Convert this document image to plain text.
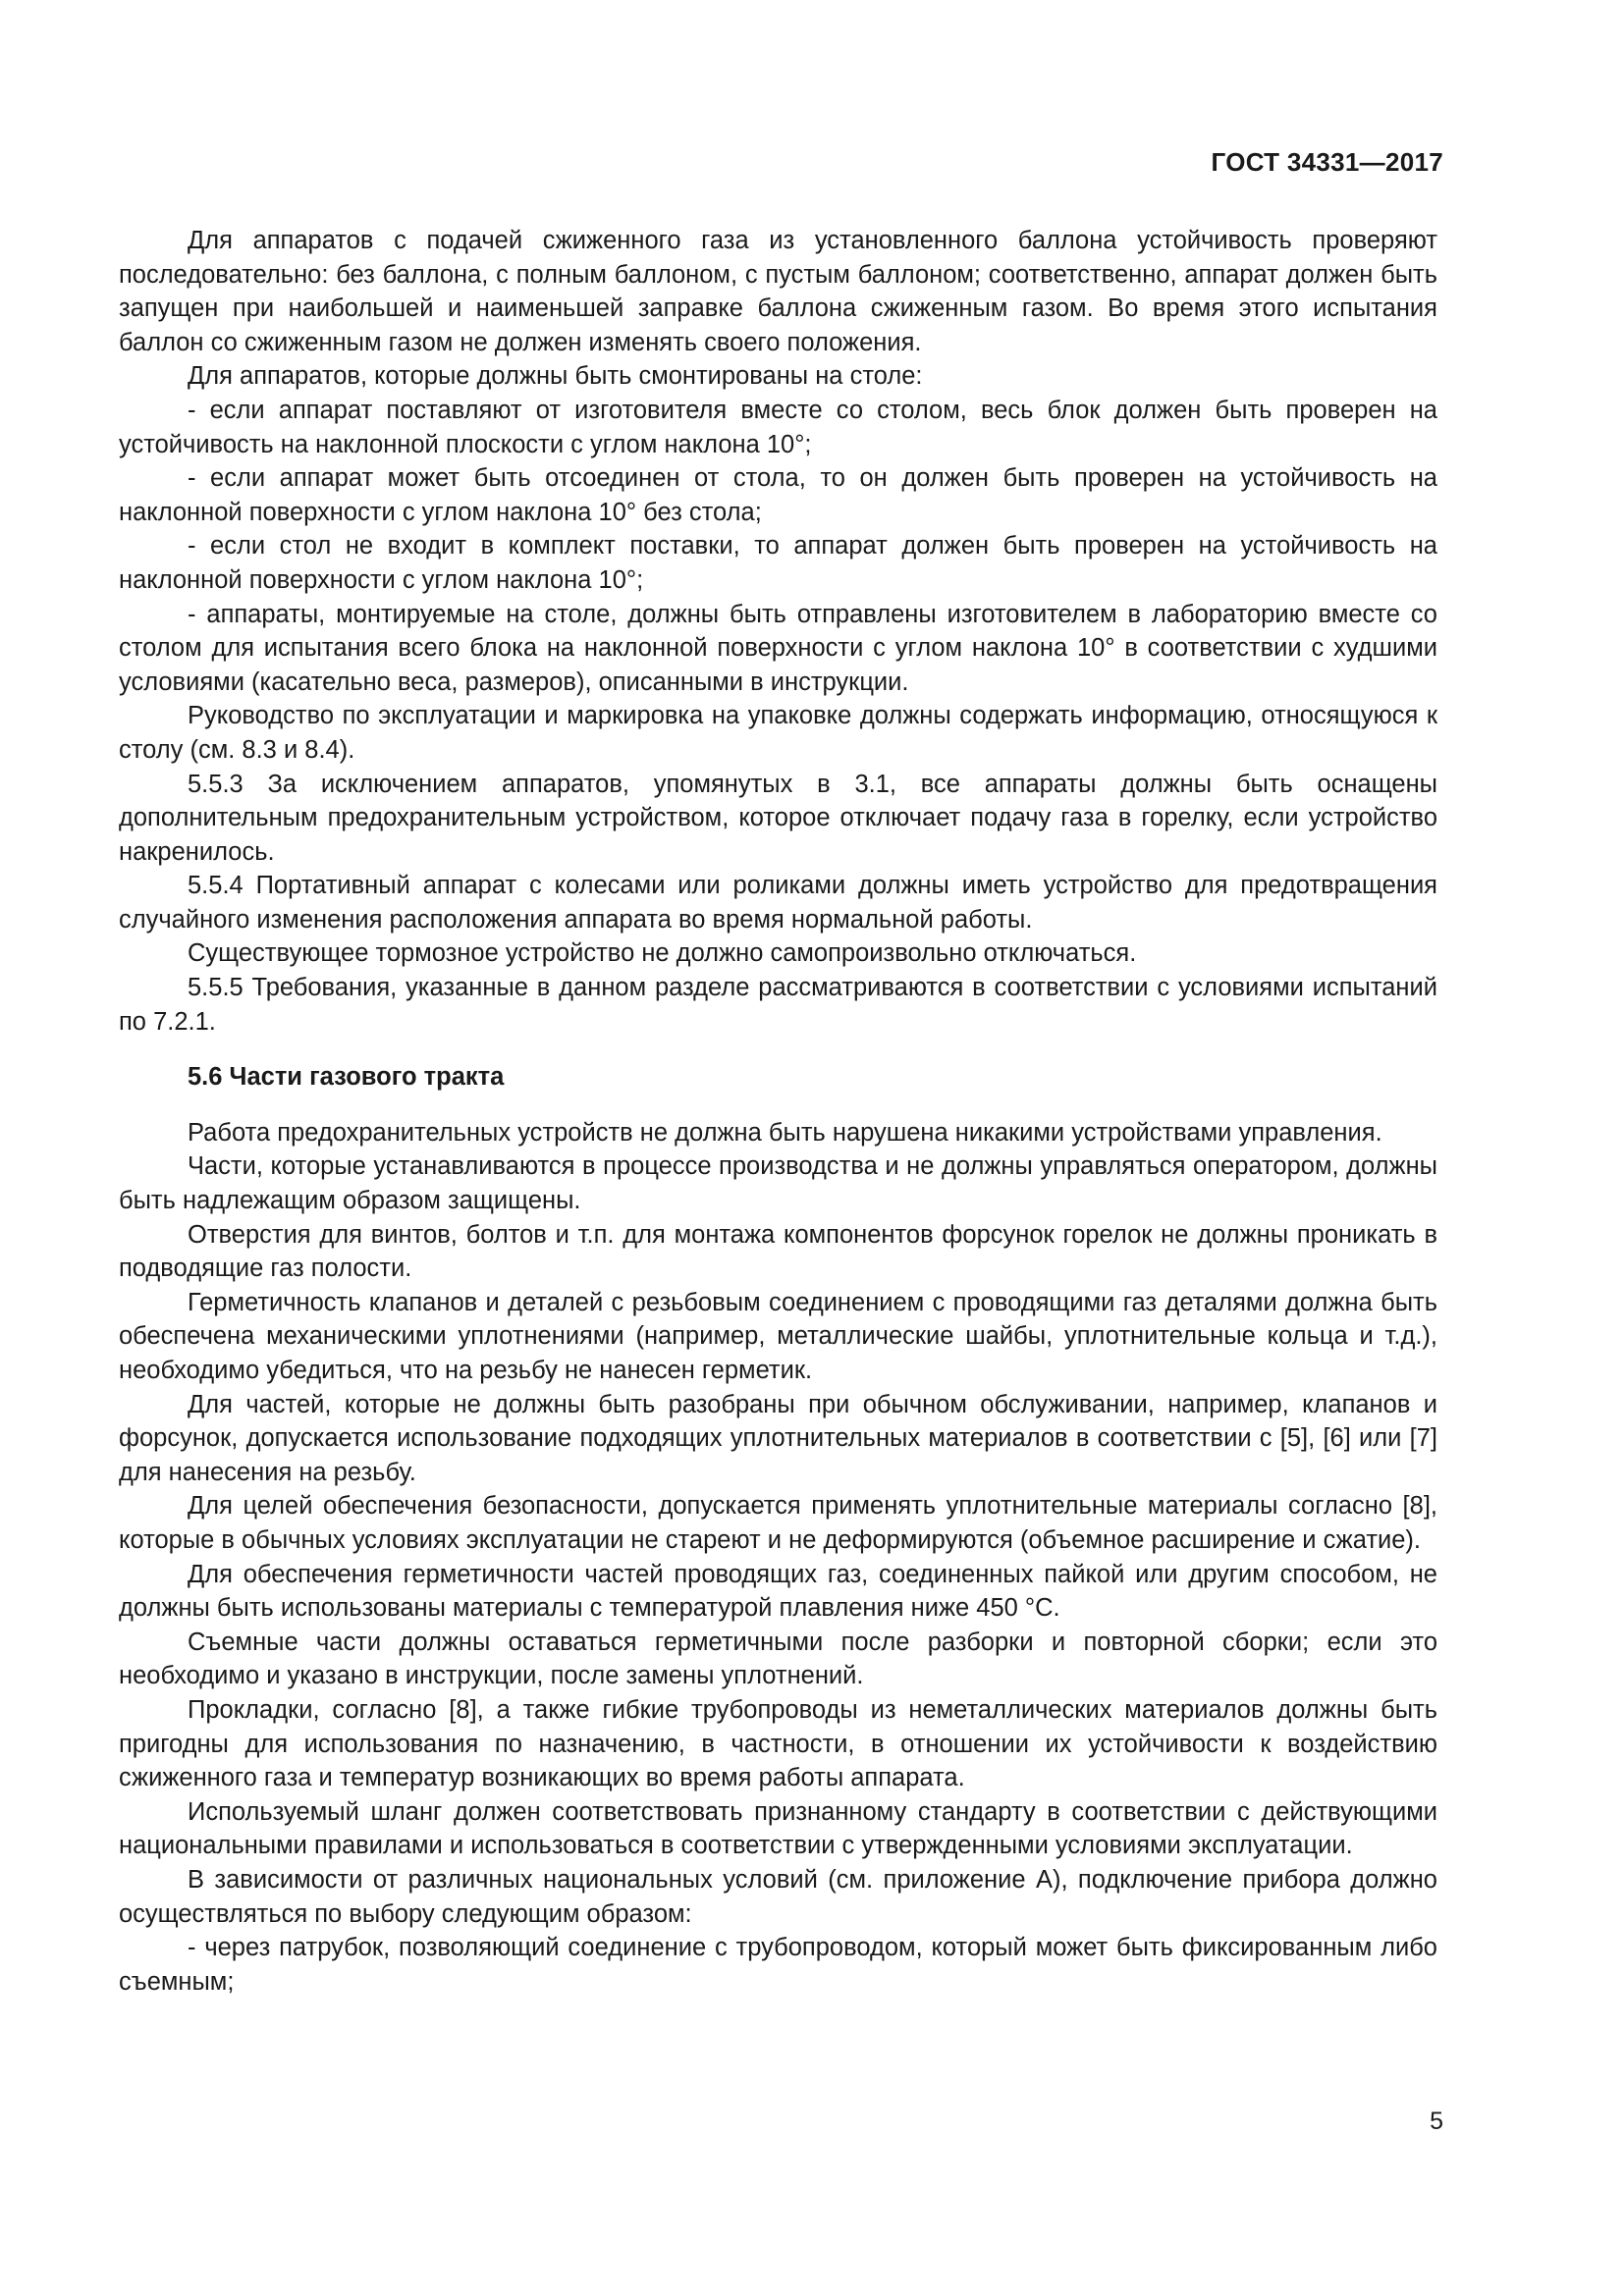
ГОСТ 34331—2017

Для аппаратов с подачей сжиженного газа из установленного баллона устойчивость проверяют последовательно: без баллона, с полным баллоном, с пустым баллоном; соответственно, аппарат должен быть запущен при наибольшей и наименьшей заправке баллона сжиженным газом. Во время этого испытания баллон со сжиженным газом не должен изменять своего положения.

Для аппаратов, которые должны быть смонтированы на столе:

- если аппарат поставляют от изготовителя вместе со столом, весь блок должен быть проверен на устойчивость на наклонной плоскости с углом наклона 10°;

- если аппарат может быть отсоединен от стола, то он должен быть проверен на устойчивость на наклонной поверхности с углом наклона 10° без стола;

- если стол не входит в комплект поставки, то аппарат должен быть проверен на устойчивость на наклонной поверхности с углом наклона 10°;

- аппараты, монтируемые на столе, должны быть отправлены изготовителем в лабораторию вместе со столом для испытания всего блока на наклонной поверхности с углом наклона 10° в соответствии с худшими условиями (касательно веса, размеров), описанными в инструкции.

Руководство по эксплуатации и маркировка на упаковке должны содержать информацию, относящуюся к столу (см. 8.3 и 8.4).

5.5.3 За исключением аппаратов, упомянутых в 3.1, все аппараты должны быть оснащены дополнительным предохранительным устройством, которое отключает подачу газа в горелку, если устройство накренилось.

5.5.4 Портативный аппарат с колесами или роликами должны иметь устройство для предотвращения случайного изменения расположения аппарата во время нормальной работы.

Существующее тормозное устройство не должно самопроизвольно отключаться.

5.5.5 Требования, указанные в данном разделе рассматриваются в соответствии с условиями испытаний по 7.2.1.

5.6 Части газового тракта

Работа предохранительных устройств не должна быть нарушена никакими устройствами управления.

Части, которые устанавливаются в процессе производства и не должны управляться оператором, должны быть надлежащим образом защищены.

Отверстия для винтов, болтов и т.п. для монтажа компонентов форсунок горелок не должны проникать в подводящие газ полости.

Герметичность клапанов и деталей с резьбовым соединением с проводящими газ деталями должна быть обеспечена механическими уплотнениями (например, металлические шайбы, уплотнительные кольца и т.д.), необходимо убедиться, что на резьбу не нанесен герметик.

Для частей, которые не должны быть разобраны при обычном обслуживании, например, клапанов и форсунок, допускается использование подходящих уплотнительных материалов в соответствии с [5], [6] или [7] для нанесения на резьбу.

Для целей обеспечения безопасности, допускается применять уплотнительные материалы согласно [8], которые в обычных условиях эксплуатации не стареют и не деформируются (объемное расширение и сжатие).

Для обеспечения герметичности частей проводящих газ, соединенных пайкой или другим способом, не должны быть использованы материалы с температурой плавления ниже 450 °С.

Съемные части должны оставаться герметичными после разборки и повторной сборки; если это необходимо и указано в инструкции, после замены уплотнений.

Прокладки, согласно [8], а также гибкие трубопроводы из неметаллических материалов должны быть пригодны для использования по назначению, в частности, в отношении их устойчивости к воздействию сжиженного газа и температур возникающих во время работы аппарата.

Используемый шланг должен соответствовать признанному стандарту в соответствии с действующими национальными правилами и использоваться в соответствии с утвержденными условиями эксплуатации.

В зависимости от различных национальных условий (см. приложение А), подключение прибора должно осуществляться по выбору следующим образом:

- через патрубок, позволяющий соединение с трубопроводом, который может быть фиксированным либо съемным;

5
